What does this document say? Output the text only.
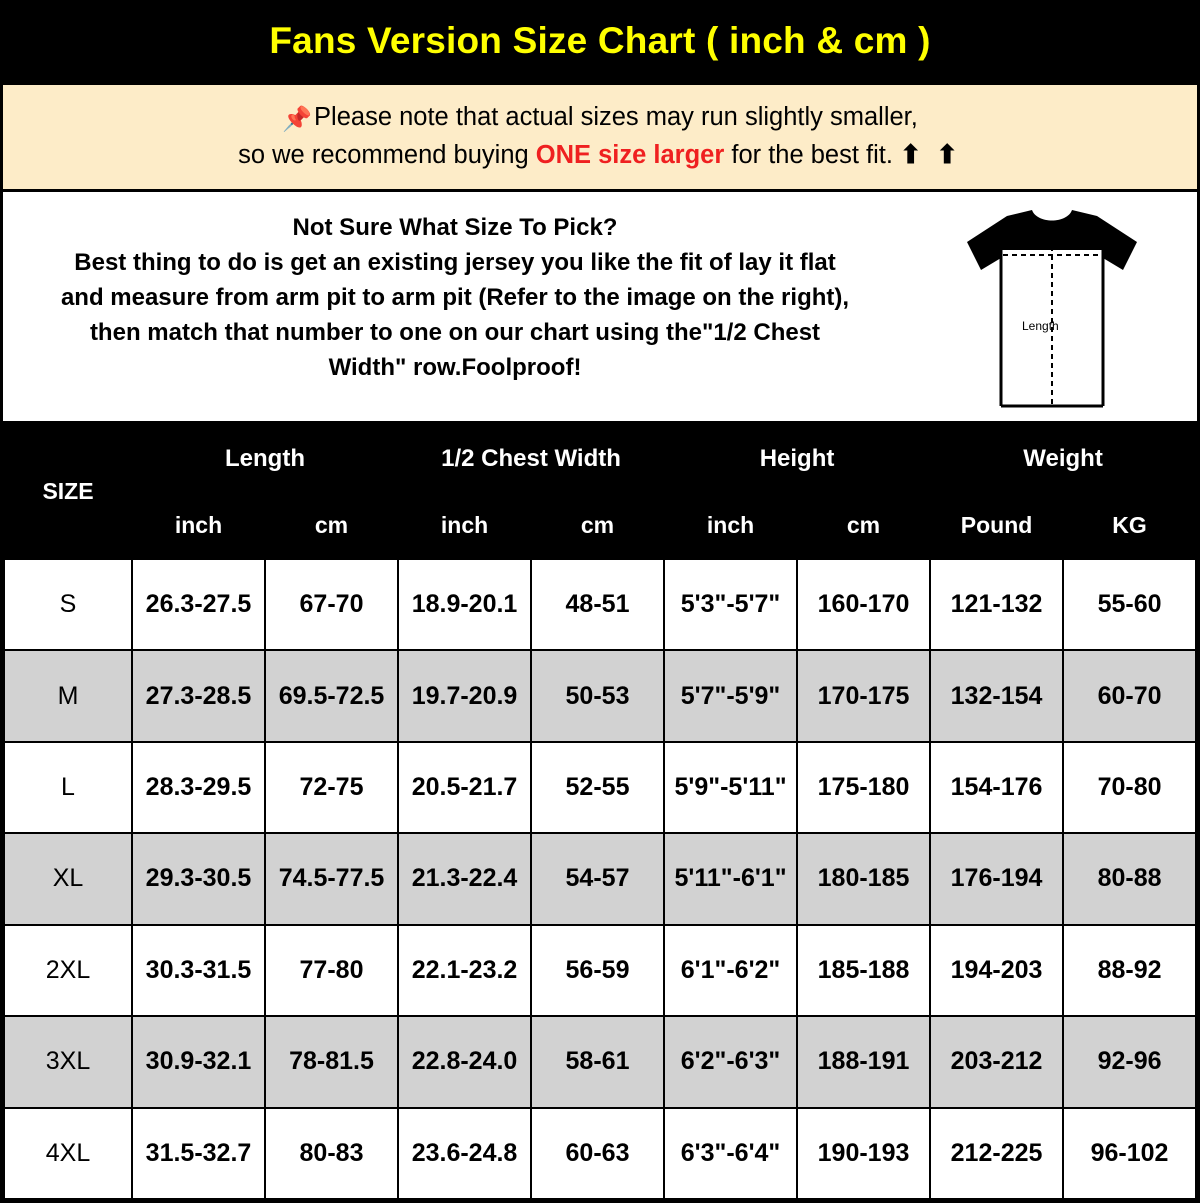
Fans Version Size Chart ( inch & cm )
📌Please note that actual sizes may run slightly smaller,
so we recommend buying ONE size larger for the best fit. ⬆ ⬆
Not Sure What Size To Pick?
Best thing to do is get an existing jersey you like the fit of lay it flat
and measure from arm pit to arm pit (Refer to the image on the right),
then match that number to one on our chart using the"1/2 Chest
Width" row.Foolproof!
1/2 Chest Width
Length
SIZE	Length		1/2 Chest Width		Height		Weight	
	inch	cm	inch	cm	inch	cm	Pound	KG
S	26.3-27.5	67-70	18.9-20.1	48-51	5'3"-5'7"	160-170	121-132	55-60
M	27.3-28.5	69.5-72.5	19.7-20.9	50-53	5'7"-5'9"	170-175	132-154	60-70
L	28.3-29.5	72-75	20.5-21.7	52-55	5'9"-5'11"	175-180	154-176	70-80
XL	29.3-30.5	74.5-77.5	21.3-22.4	54-57	5'11"-6'1"	180-185	176-194	80-88
2XL	30.3-31.5	77-80	22.1-23.2	56-59	6'1"-6'2"	185-188	194-203	88-92
3XL	30.9-32.1	78-81.5	22.8-24.0	58-61	6'2"-6'3"	188-191	203-212	92-96
4XL	31.5-32.7	80-83	23.6-24.8	60-63	6'3"-6'4"	190-193	212-225	96-102
